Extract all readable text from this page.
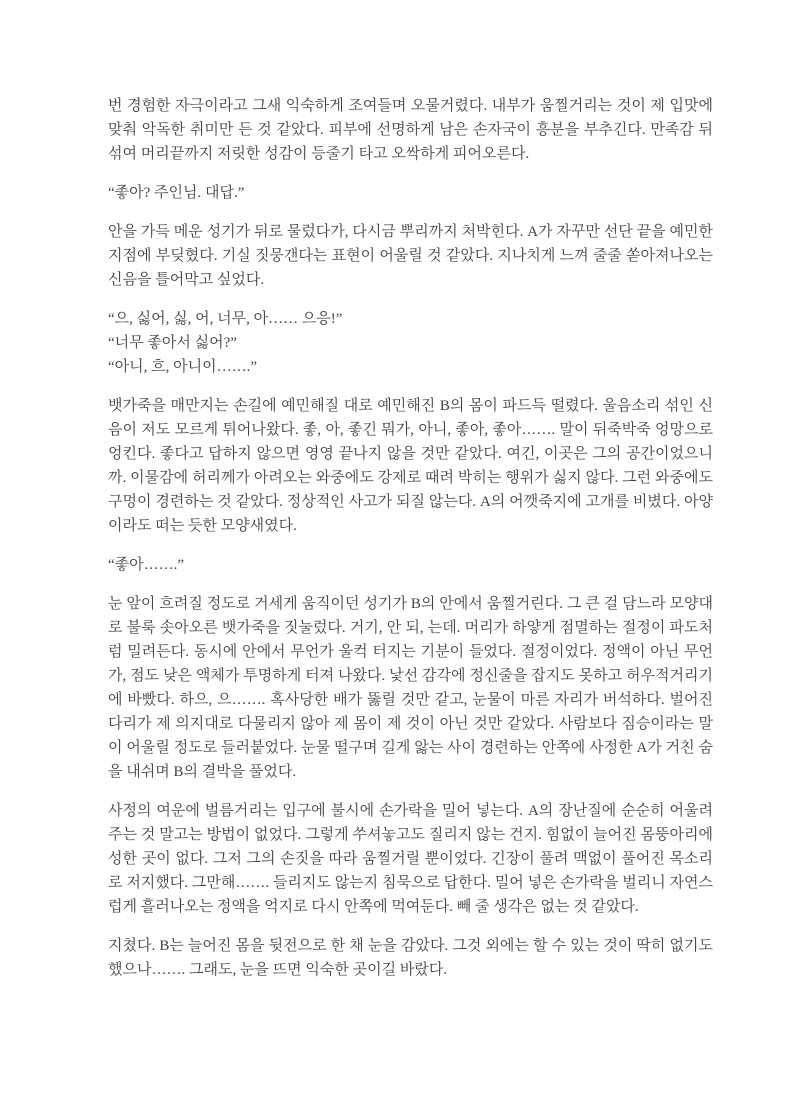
번 경험한 자극이라고 그새 익숙하게 조여들며 오물거렸다. 내부가 움찔거리는 것이 제 입맛에 맞춰 악독한 취미만 든 것 같았다. 피부에 선명하게 남은 손자국이 흥분을 부추긴다. 만족감 뒤섞여 머리끝까지 저릿한 성감이 등줄기 타고 오싹하게 피어오른다.

“좋아? 주인님. 대답.”

안을 가득 메운 성기가 뒤로 물렀다가, 다시금 뿌리까지 처박힌다. A가 자꾸만 선단 끝을 예민한 지점에 부딪혔다. 기실 짓뭉갠다는 표현이 어울릴 것 같았다. 지나치게 느껴 줄줄 쏟아져나오는 신음을 틀어막고 싶었다.

“으, 싫어, 싫, 어, 너무, 아…… 으응!”
“너무 좋아서 싫어?”
“아니, 흐, 아니이…….”

뱃가죽을 매만지는 손길에 예민해질 대로 예민해진 B의 몸이 파드득 떨렸다. 울음소리 섞인 신음이 저도 모르게 튀어나왔다. 좋, 아, 좋긴 뭐가, 아니, 좋아, 좋아……. 말이 뒤죽박죽 엉망으로 엉킨다. 좋다고 답하지 않으면 영영 끝나지 않을 것만 같았다. 여긴, 이곳은 그의 공간이었으니까. 이물감에 허리께가 아려오는 와중에도 강제로 때려 박히는 행위가 싫지 않다. 그런 와중에도 구멍이 경련하는 것 같았다. 정상적인 사고가 되질 않는다. A의 어깻죽지에 고개를 비볐다. 아양이라도 떠는 듯한 모양새였다.

“좋아…….”

눈 앞이 흐려질 정도로 거세게 움직이던 성기가 B의 안에서 움찔거린다. 그 큰 걸 담느라 모양대로 불룩 솟아오른 뱃가죽을 짓눌렀다. 거기, 안 되, 는데. 머리가 하얗게 점멸하는 절정이 파도처럼 밀려든다. 동시에 안에서 무언가 울컥 터지는 기분이 들었다. 절정이었다. 정액이 아닌 무언가, 점도 낮은 액체가 투명하게 터져 나왔다. 낯선 감각에 정신줄을 잡지도 못하고 허우적거리기에 바빴다. 하으, 으……. 혹사당한 배가 뚫릴 것만 같고, 눈물이 마른 자리가 버석하다. 벌어진 다리가 제 의지대로 다물리지 않아 제 몸이 제 것이 아닌 것만 같았다. 사람보다 짐승이라는 말이 어울릴 정도로 들러붙었다. 눈물 떨구며 길게 앓는 사이 경련하는 안쪽에 사정한 A가 거친 숨을 내쉬며 B의 결박을 풀었다.

사정의 여운에 벌름거리는 입구에 불시에 손가락을 밀어 넣는다. A의 장난질에 순순히 어울려주는 것 말고는 방법이 없었다. 그렇게 쑤셔놓고도 질리지 않는 건지. 힘없이 늘어진 몸뚱아리에 성한 곳이 없다. 그저 그의 손짓을 따라 움찔거릴 뿐이었다. 긴장이 풀려 맥없이 풀어진 목소리로 저지했다. 그만해……. 들리지도 않는지 침묵으로 답한다. 밀어 넣은 손가락을 벌리니 자연스럽게 흘러나오는 정액을 억지로 다시 안쪽에 먹여둔다. 빼 줄 생각은 없는 것 같았다.

지쳤다. B는 늘어진 몸을 뒷전으로 한 채 눈을 감았다. 그것 외에는 할 수 있는 것이 딱히 없기도 했으나……. 그래도, 눈을 뜨면 익숙한 곳이길 바랐다.
